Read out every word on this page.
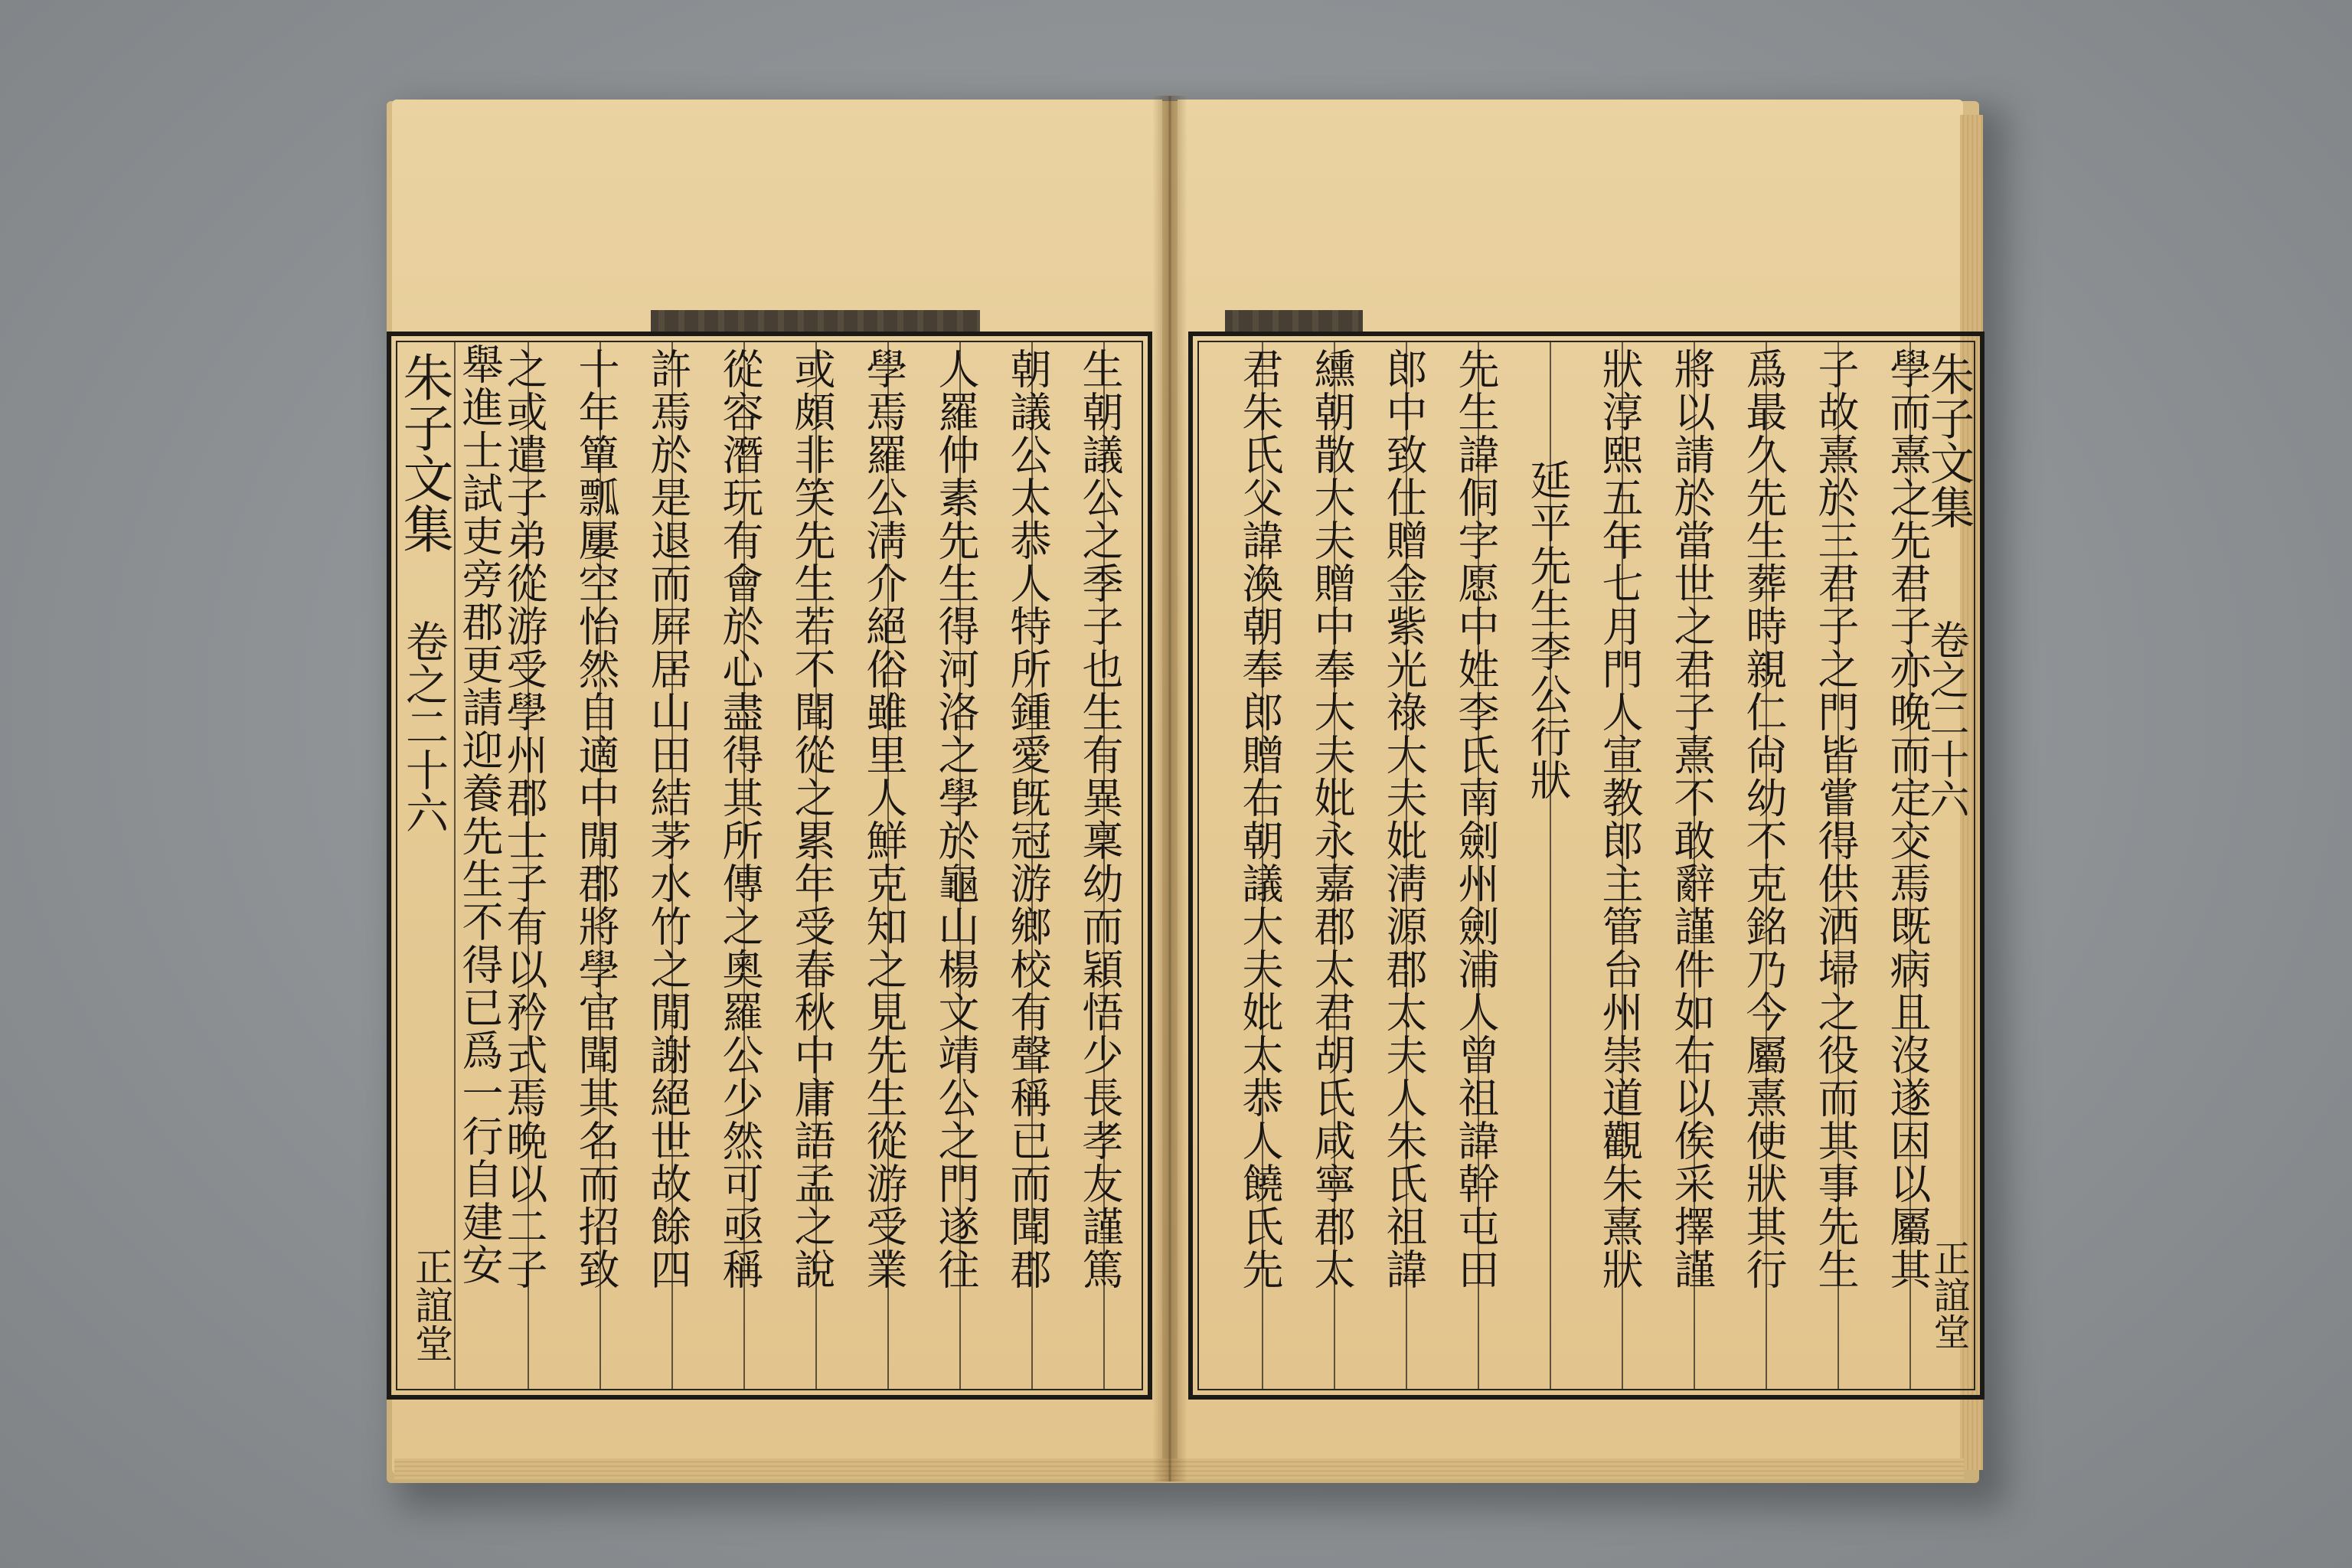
朱子文集
卷之二十六
正誼堂
生朝議公之季子也生有異稟幼而穎悟少長孝友謹篤
朝議公太恭人特所鍾愛旣冠游鄉校有聲稱已而聞郡
人羅仲素先生得河洛之學於龜山楊文靖公之門遂往
學焉羅公淸介絕俗雖里人鮮克知之見先生從游受業
或頗非笑先生若不聞從之累年受春秋中庸語孟之說
從容潛玩有會於心盡得其所傳之奧羅公少然可亟稱
許焉於是退而屛居山田結茅水竹之閒謝絕世故餘四
十年簞瓢屢空怡然自適中閒郡將學官聞其名而招致
之或遣子弟從游受學州郡士子有以矜式焉晩以二子
舉進士試吏旁郡更請迎養先生不得已爲一行自建安	朱子文集
卷之二十六
正誼堂
學而熹之先君子亦晚而定交焉既病且沒遂因以屬其
子故熹於三君子之門皆嘗得供洒埽之役而其事先生
爲最久先生葬時親仁尙幼不克銘乃今屬熹使狀其行
將以請於當世之君子熹不敢辭謹件如右以俟采擇謹
狀淳熙五年七月門人宣教郎主管台州崇道觀朱熹狀
延平先生李公行狀
先生諱侗字愿中姓李氏南劍州劍浦人曾祖諱幹屯田
郎中致仕贈金紫光祿大夫妣淸源郡太夫人朱氏祖諱
纁朝散大夫贈中奉大夫妣永嘉郡太君胡氏咸寧郡太
君朱氏父諱渙朝奉郎贈右朝議大夫妣太恭人饒氏先
